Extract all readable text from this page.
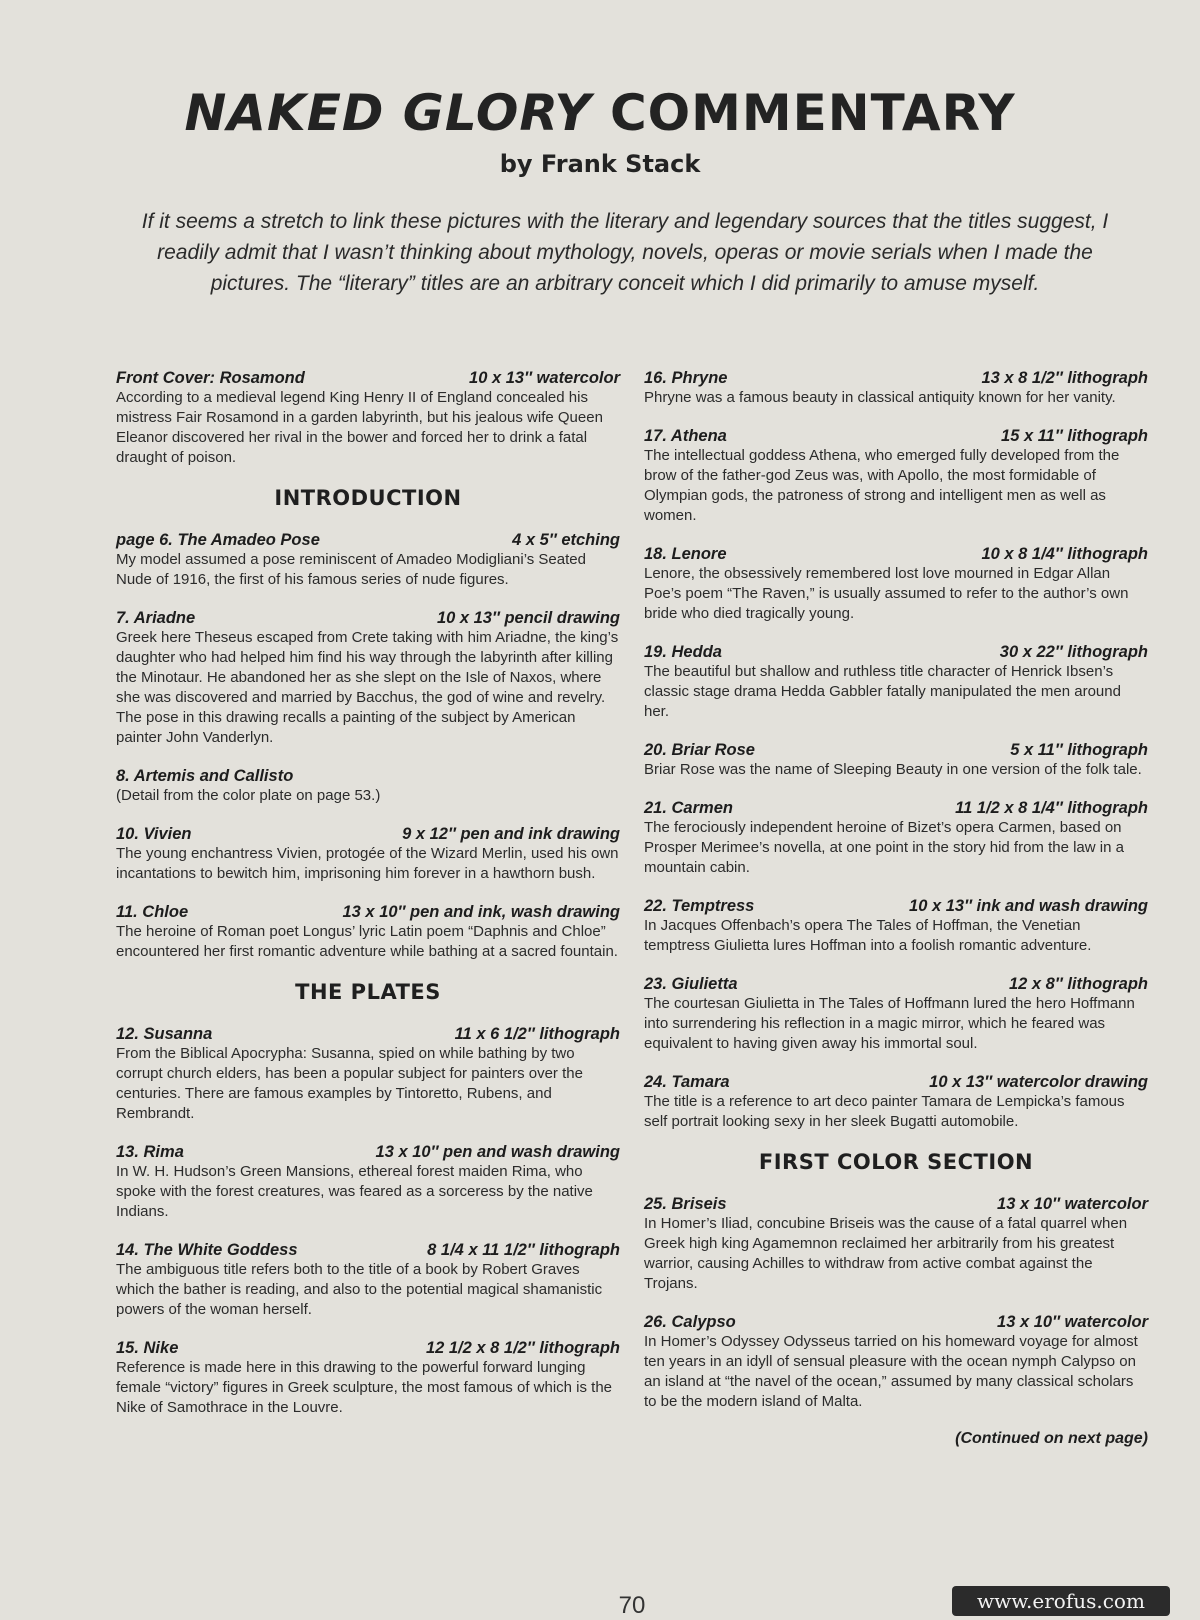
NAKED GLORY COMMENTARY
by Frank Stack
If it seems a stretch to link these pictures with the literary and legendary sources that the titles suggest, I readily admit that I wasn’t thinking about mythology, novels, operas or movie serials when I made the pictures. The “literary” titles are an arbitrary conceit which I did primarily to amuse myself.
Front Cover: Rosamond	10 x 13″ watercolor
According to a medieval legend King Henry II of England concealed his mistress Fair Rosamond in a garden labyrinth, but his jealous wife Queen Eleanor discovered her rival in the bower and forced her to drink a fatal draught of poison.
INTRODUCTION
page 6. The Amadeo Pose	4 x 5″ etching
My model assumed a pose reminiscent of Amadeo Modigliani’s Seated Nude of 1916, the first of his famous series of nude figures.
7. Ariadne	10 x 13″ pencil drawing
Greek here Theseus escaped from Crete taking with him Ariadne, the king’s daughter who had helped him find his way through the labyrinth after killing the Minotaur. He abandoned her as she slept on the Isle of Naxos, where she was discovered and married by Bacchus, the god of wine and revelry. The pose in this drawing recalls a painting of the subject by American painter John Vanderlyn.
8. Artemis and Callisto
(Detail from the color plate on page 53.)
10. Vivien	9 x 12″ pen and ink drawing
The young enchantress Vivien, protogée of the Wizard Merlin, used his own incantations to bewitch him, imprisoning him forever in a hawthorn bush.
11. Chloe	13 x 10″ pen and ink, wash drawing
The heroine of Roman poet Longus’ lyric Latin poem “Daphnis and Chloe” encountered her first romantic adventure while bathing at a sacred fountain.
THE PLATES
12. Susanna	11 x 6 1/2″ lithograph
From the Biblical Apocrypha: Susanna, spied on while bathing by two corrupt church elders, has been a popular subject for painters over the centuries. There are famous examples by Tintoretto, Rubens, and Rembrandt.
13. Rima	13 x 10″ pen and wash drawing
In W. H. Hudson’s Green Mansions, ethereal forest maiden Rima, who spoke with the forest creatures, was feared as a sorceress by the native Indians.
14. The White Goddess	8 1/4 x 11 1/2″ lithograph
The ambiguous title refers both to the title of a book by Robert Graves which the bather is reading, and also to the potential magical shamanistic powers of the woman herself.
15. Nike	12 1/2 x 8 1/2″ lithograph
Reference is made here in this drawing to the powerful forward lunging female “victory” figures in Greek sculpture, the most famous of which is the Nike of Samothrace in the Louvre.
16. Phryne	13 x 8 1/2″ lithograph
Phryne was a famous beauty in classical antiquity known for her vanity.
17. Athena	15 x 11″ lithograph
The intellectual goddess Athena, who emerged fully developed from the brow of the father-god Zeus was, with Apollo, the most formidable of Olympian gods, the patroness of strong and intelligent men as well as women.
18. Lenore	10 x 8 1/4″ lithograph
Lenore, the obsessively remembered lost love mourned in Edgar Allan Poe’s poem “The Raven,” is usually assumed to refer to the author’s own bride who died tragically young.
19. Hedda	30 x 22″ lithograph
The beautiful but shallow and ruthless title character of Henrick Ibsen’s classic stage drama Hedda Gabbler fatally manipulated the men around her.
20. Briar Rose	5 x 11″ lithograph
Briar Rose was the name of Sleeping Beauty in one version of the folk tale.
21. Carmen	11 1/2 x 8 1/4″ lithograph
The ferociously independent heroine of Bizet’s opera Carmen, based on Prosper Merimee’s novella, at one point in the story hid from the law in a mountain cabin.
22. Temptress	10 x 13″ ink and wash drawing
In Jacques Offenbach’s opera The Tales of Hoffman, the Venetian temptress Giulietta lures Hoffman into a foolish romantic adventure.
23. Giulietta	12 x 8″ lithograph
The courtesan Giulietta in The Tales of Hoffmann lured the hero Hoffmann into surrendering his reflection in a magic mirror, which he feared was equivalent to having given away his immortal soul.
24. Tamara	10 x 13″ watercolor drawing
The title is a reference to art deco painter Tamara de Lempicka’s famous self portrait looking sexy in her sleek Bugatti automobile.
FIRST COLOR SECTION
25. Briseis	13 x 10″ watercolor
In Homer’s Iliad, concubine Briseis was the cause of a fatal quarrel when Greek high king Agamemnon reclaimed her arbitrarily from his greatest warrior, causing Achilles to withdraw from active combat against the Trojans.
26. Calypso	13 x 10″ watercolor
In Homer’s Odyssey Odysseus tarried on his homeward voyage for almost ten years in an idyll of sensual pleasure with the ocean nymph Calypso on an island at “the navel of the ocean,” assumed by many classical scholars to be the modern island of Malta.
(Continued on next page)
70	www.erofus.com
